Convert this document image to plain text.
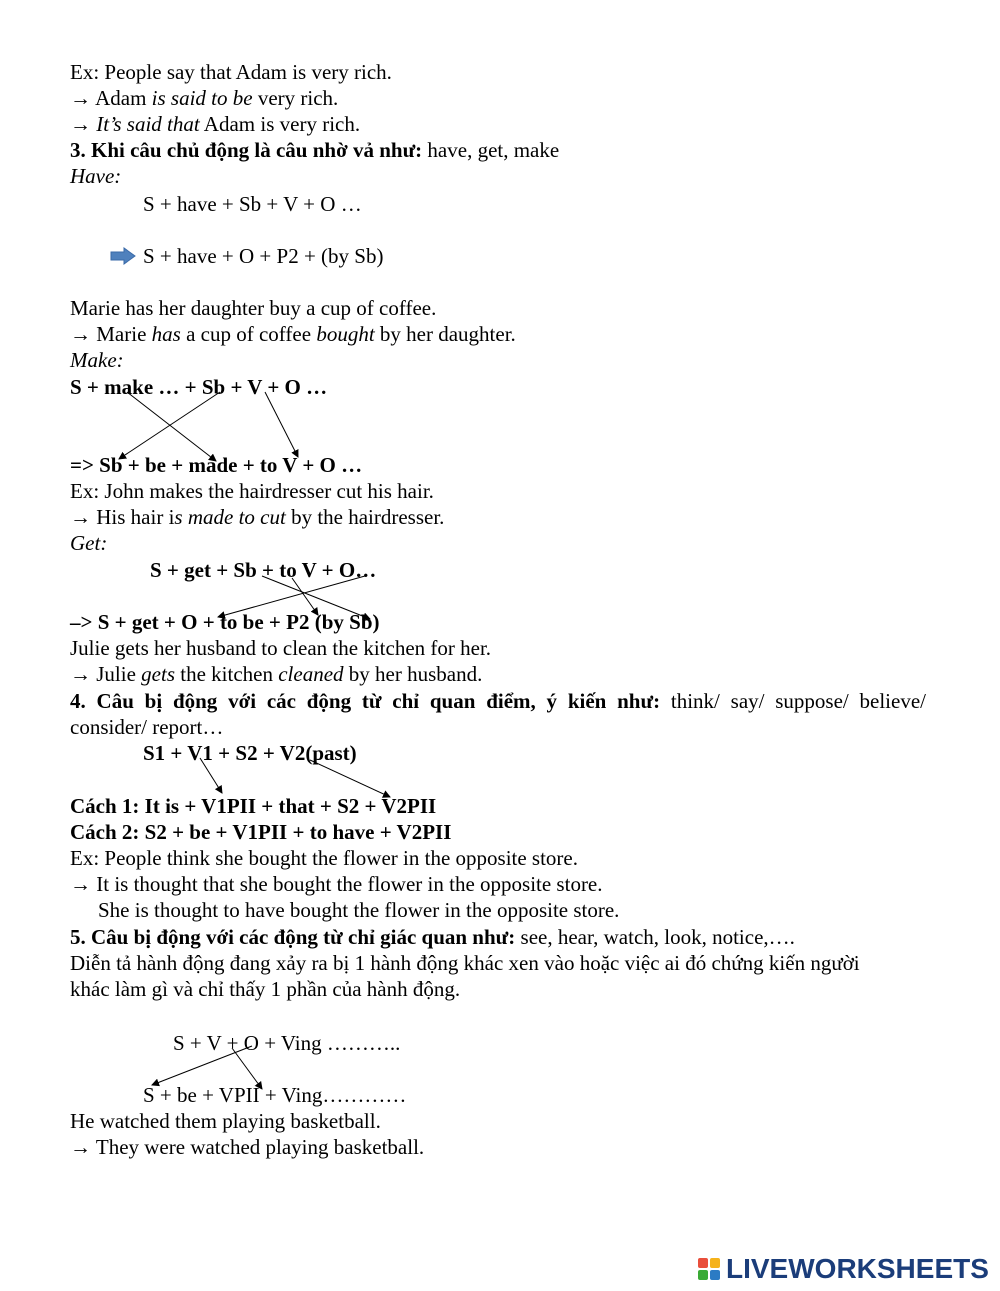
Ex: People say that Adam is very rich.
→ Adam is said to be very rich.
→ It’s said that Adam is very rich.
3. Khi câu chủ động là câu nhờ vả như: have, get, make
Have:
S + have + Sb + V + O …
S + have + O + P2 + (by Sb)
Marie has her daughter buy a cup of coffee.
→ Marie has a cup of coffee bought by her daughter.
Make:
S + make … + Sb + V + O …
=> Sb + be + made + to V + O …
Ex: John makes the hairdresser cut his hair.
→ His hair is made to cut by the hairdresser.
Get:
S + get + Sb + to V + O…
–> S + get + O + to be + P2 (by Sb)
Julie gets her husband to clean the kitchen for her.
→ Julie gets the kitchen cleaned by her husband.
4. Câu bị động với các động từ chỉ quan điểm, ý kiến như: think/ say/ suppose/ believe/
consider/ report…
S1 + V1 + S2 + V2(past)
Cách 1: It is + V1PII + that + S2 + V2PII
Cách 2: S2 + be + V1PII + to have + V2PII
Ex: People think she bought the flower in the opposite store.
→ It is thought that she bought the flower in the opposite store.
She is thought to have bought the flower in the opposite store.
5. Câu bị động với các động từ chỉ giác quan như: see, hear, watch, look, notice,….
Diễn tả hành động đang xảy ra bị 1 hành động khác xen vào hoặc việc ai đó chứng kiến người
khác làm gì và chỉ thấy 1 phần của hành động.
S + V + O + Ving ………..
S + be + VPII + Ving…………
He watched them playing basketball.
→ They were watched playing basketball.
LIVEWORKSHEETS
